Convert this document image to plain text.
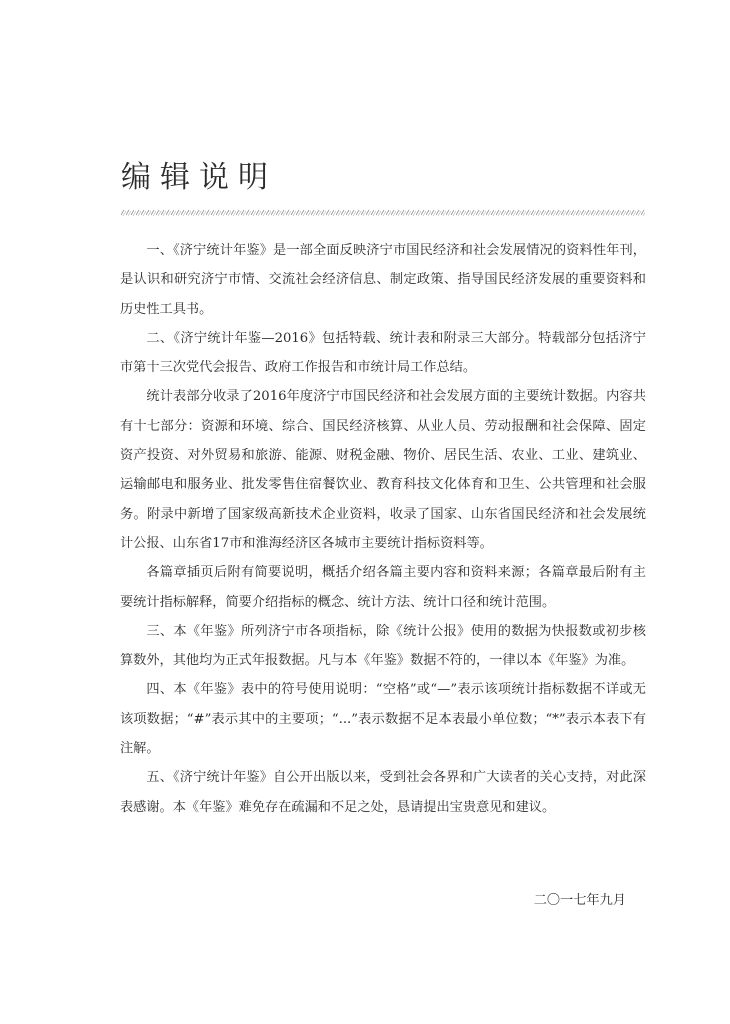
编辑说明

一、《济宁统计年鉴》是一部全面反映济宁市国民经济和社会发展情况的资料性年刊，是认识和研究济宁市情、交流社会经济信息、制定政策、指导国民经济发展的重要资料和历史性工具书。

二、《济宁统计年鉴—2016》包括特载、统计表和附录三大部分。特载部分包括济宁市第十三次党代会报告、政府工作报告和市统计局工作总结。

统计表部分收录了2016年度济宁市国民经济和社会发展方面的主要统计数据。内容共有十七部分：资源和环境、综合、国民经济核算、从业人员、劳动报酬和社会保障、固定资产投资、对外贸易和旅游、能源、财税金融、物价、居民生活、农业、工业、建筑业、运输邮电和服务业、批发零售住宿餐饮业、教育科技文化体育和卫生、公共管理和社会服务。附录中新增了国家级高新技术企业资料，收录了国家、山东省国民经济和社会发展统计公报、山东省17市和淮海经济区各城市主要统计指标资料等。

各篇章插页后附有简要说明，概括介绍各篇主要内容和资料来源；各篇章最后附有主要统计指标解释，简要介绍指标的概念、统计方法、统计口径和统计范围。

三、本《年鉴》所列济宁市各项指标，除《统计公报》使用的数据为快报数或初步核算数外，其他均为正式年报数据。凡与本《年鉴》数据不符的，一律以本《年鉴》为准。

四、本《年鉴》表中的符号使用说明：“空格”或“—”表示该项统计指标数据不详或无该项数据；“#”表示其中的主要项；“...”表示数据不足本表最小单位数；“*”表示本表下有注解。

五、《济宁统计年鉴》自公开出版以来，受到社会各界和广大读者的关心支持，对此深表感谢。本《年鉴》难免存在疏漏和不足之处，恳请提出宝贵意见和建议。

二〇一七年九月
